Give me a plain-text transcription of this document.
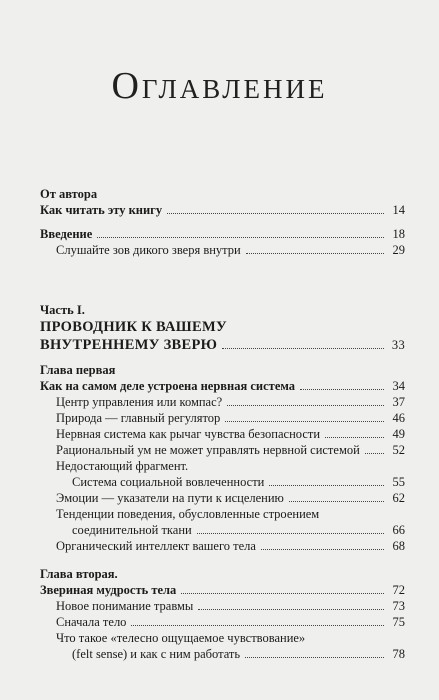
Оглавление
От автора
Как читать эту книгу	14
Введение	18
Слушайте зов дикого зверя внутри	29
Часть I.
ПРОВОДНИК К ВАШЕМУ
ВНУТРЕННЕМУ ЗВЕРЮ	33
Глава первая
Как на самом деле устроена нервная система	34
Центр управления или компас?	37
Природа — главный регулятор	46
Нервная система как рычаг чувства безопасности	49
Рациональный ум не может управлять нервной системой	52
Недостающий фрагмент.
Система социальной вовлеченности	55
Эмоции — указатели на пути к исцелению	62
Тенденции поведения, обусловленные строением
соединительной ткани	66
Органический интеллект вашего тела	68
Глава вторая.
Звериная мудрость тела	72
Новое понимание травмы	73
Сначала тело	75
Что такое «телесно ощущаемое чувствование»
(felt sense) и как с ним работать	78
